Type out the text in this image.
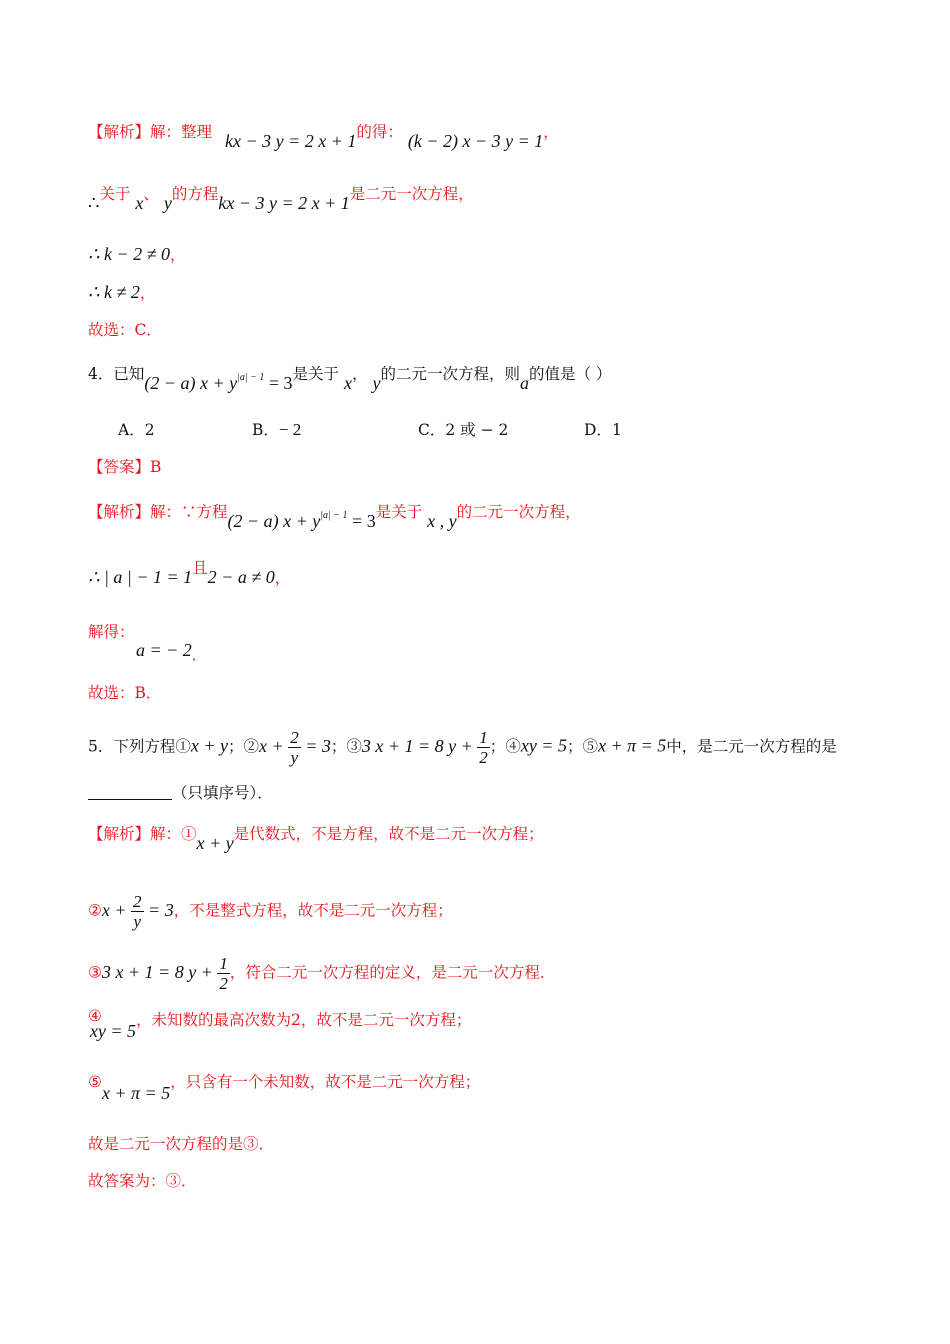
【解析】解：整理 kx − 3 y = 2 x + 1的得： (k − 2) x − 3 y = 1，
∴关于 x、 y的方程kx − 3 y = 2 x + 1是二元一次方程，
∴ k − 2 ≠ 0，
∴ k ≠ 2，
故选：C．
4．已知(2 − a) $x + y^{|a| - 1} = 3$是关于 x， y的二元一次方程，则a的值是（ ）
A．2	B．− 2	C．2 或 − 2	D．1
【答案】B
【解析】解：∵方程(2 − a) $x + y^{|a| - 1} = 3$是关于 x , y的二元一次方程，
∴ | a | − 1 = 1且2 − a ≠ 0，
解得：
a = − 2．
故选：B．
5．下列方程①x + y；②x + $\frac{2}{y} = 3$；③3 x + 1 = 8 $y + \frac{1}{2}$ ；④xy = 5；⑤x + π = 5中，是二元一次方程的是
（只填序号）．
【解析】解：①x + y是代数式，不是方程，故不是二元一次方程；
②x + $\frac{2}{y} = 3$，不是整式方程，故不是二元一次方程；
③3 x + 1 = 8 $y + \frac{1}{2}$ ，符合二元一次方程的定义，是二元一次方程．
④xy = 5，未知数的最高次数为2，故不是二元一次方程；
⑤x + π = 5，只含有一个未知数，故不是二元一次方程；
故是二元一次方程的是③．
故答案为：③．
